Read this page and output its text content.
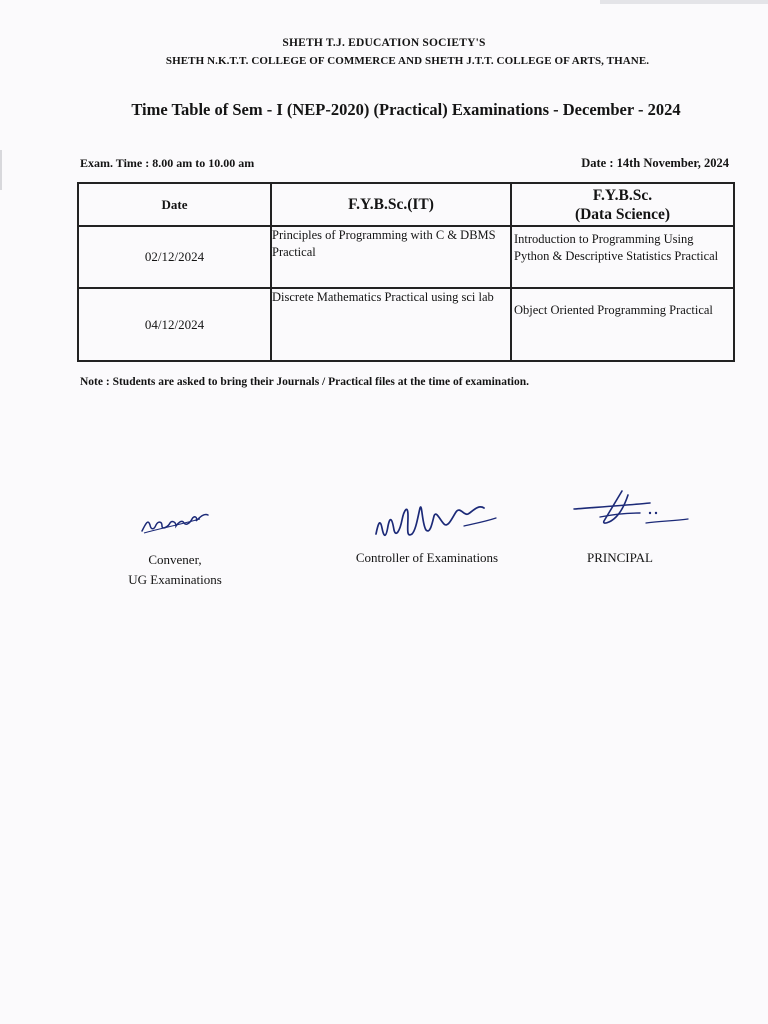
SHETH T.J. EDUCATION SOCIETY'S
SHETH N.K.T.T. COLLEGE OF COMMERCE AND SHETH J.T.T. COLLEGE OF ARTS, THANE.
Time Table of Sem - I (NEP-2020) (Practical) Examinations - December - 2024
Exam. Time : 8.00 am to 10.00 am	Date : 14th November, 2024
Date	F.Y.B.Sc.(IT)	F.Y.B.Sc.
(Data Science)

02/12/2024	Principles of Programming with C & DBMS Practical	Introduction to Programming Using Python & Descriptive Statistics Practical
04/12/2024	Discrete Mathematics Practical using sci lab	Object Oriented Programming Practical
Note : Students are asked to bring their Journals / Practical files at the time of examination.
Convener,
UG Examinations
Controller of Examinations	PRINCIPAL
